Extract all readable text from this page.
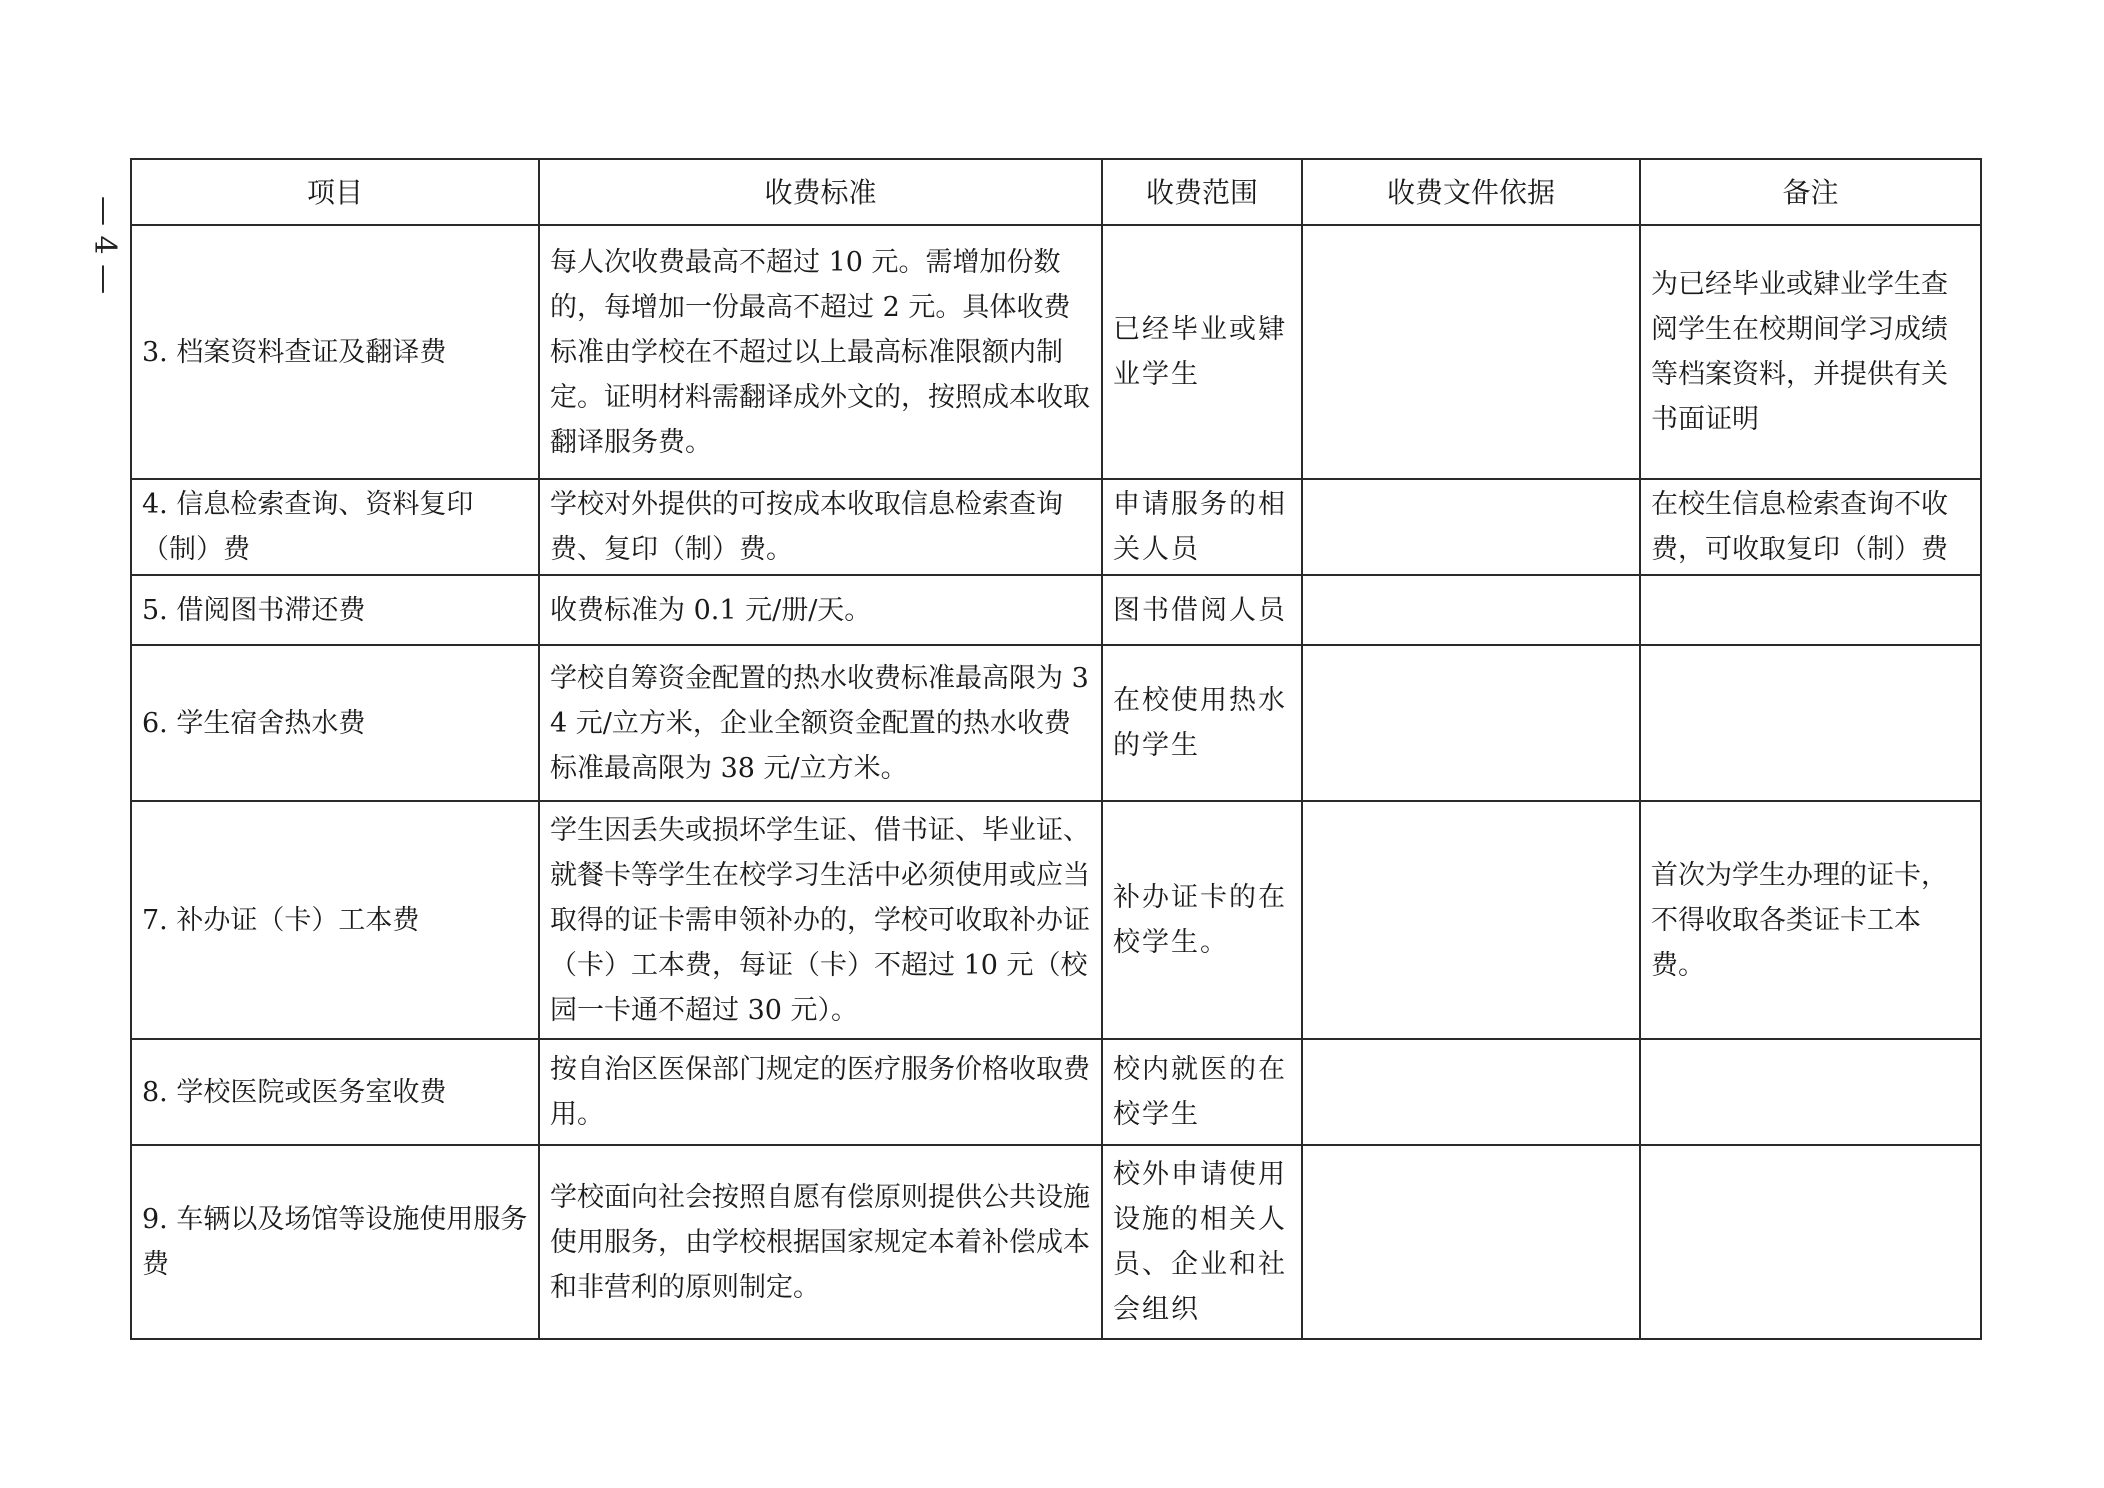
— 4 —
项目	收费标准	收费范围	收费文件依据	备注
3. 档案资料查证及翻译费	每人次收费最高不超过 10 元。需增加份数的，每增加一份最高不超过 2 元。具体收费标准由学校在不超过以上最高标准限额内制定。证明材料需翻译成外文的，按照成本收取翻译服务费。	已经毕业或肄业学生		为已经毕业或肄业学生查阅学生在校期间学习成绩等档案资料，并提供有关书面证明
4. 信息检索查询、资料复印（制）费	学校对外提供的可按成本收取信息检索查询费、复印（制）费。	申请服务的相关人员		在校生信息检索查询不收费，可收取复印（制）费
5. 借阅图书滞还费	收费标准为 0.1 元/册/天。	图书借阅人员		
6. 学生宿舍热水费	学校自筹资金配置的热水收费标准最高限为 34 元/立方米，企业全额资金配置的热水收费标准最高限为 38 元/立方米。	在校使用热水的学生		
7. 补办证（卡）工本费	学生因丢失或损坏学生证、借书证、毕业证、就餐卡等学生在校学习生活中必须使用或应当取得的证卡需申领补办的，学校可收取补办证（卡）工本费，每证（卡）不超过 10 元（校园一卡通不超过 30 元）。	补办证卡的在校学生。		首次为学生办理的证卡，不得收取各类证卡工本费。
8. 学校医院或医务室收费	按自治区医保部门规定的医疗服务价格收取费用。	校内就医的在校学生		
9. 车辆以及场馆等设施使用服务费	学校面向社会按照自愿有偿原则提供公共设施使用服务，由学校根据国家规定本着补偿成本和非营利的原则制定。	校外申请使用设施的相关人员、企业和社会组织		
